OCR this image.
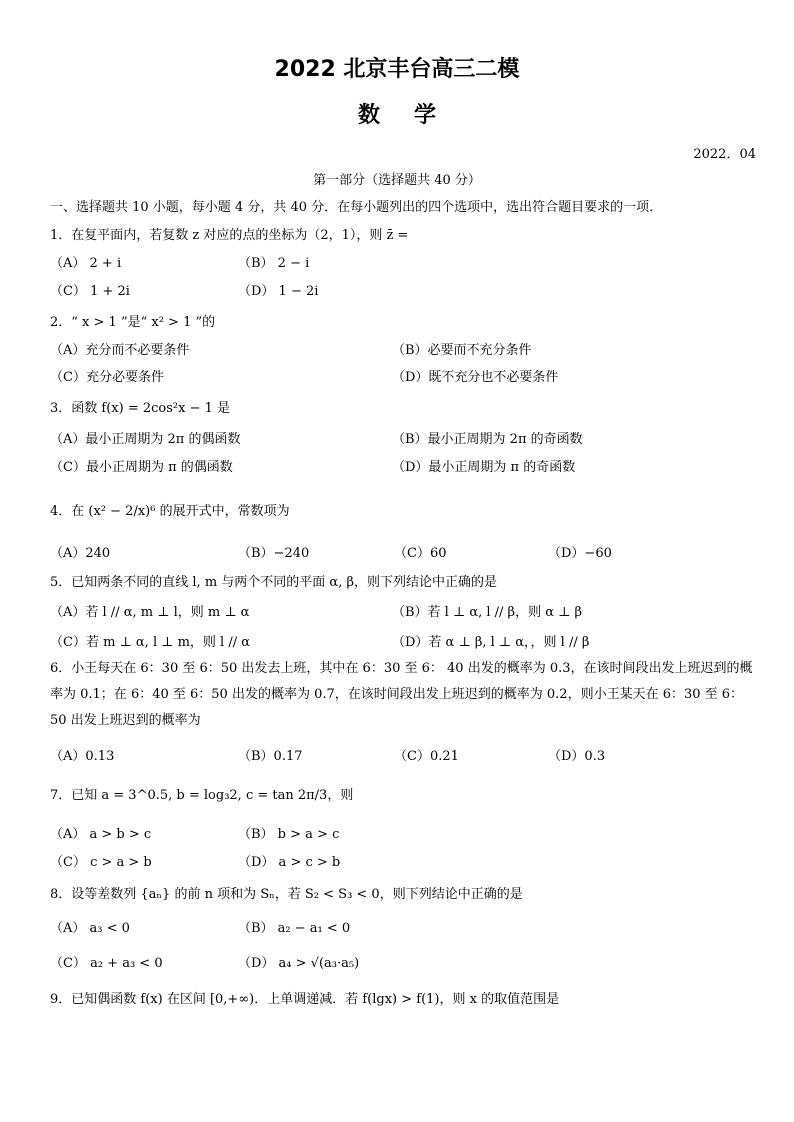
2022 北京丰台高三二模
数学
2022．04
第一部分（选择题共 40 分）
一、选择题共 10 小题，每小题 4 分，共 40 分．在每小题列出的四个选项中，选出符合题目要求的一项．
1．在复平面内，若复数 z 对应的点的坐标为（2，1），则 z̄ =
（A） 2 + i	（B） 2 − i
（C） 1 + 2i	（D） 1 − 2i
2．“ x > 1 ”是“ x² > 1 ”的
（A）充分而不必要条件	（B）必要而不充分条件
（C）充分必要条件	（D）既不充分也不必要条件
3．函数 f(x) = 2cos²x − 1 是
（A）最小正周期为 2π 的偶函数	（B）最小正周期为 2π 的奇函数
（C）最小正周期为 π 的偶函数	（D）最小正周期为 π 的奇函数
4．在 (x² − 2/x)⁶ 的展开式中，常数项为
（A）240	（B）−240	（C）60	（D）−60
5．已知两条不同的直线 l, m 与两个不同的平面 α, β，则下列结论中正确的是
（A）若 l // α, m ⊥ l，则 m ⊥ α	（B）若 l ⊥ α, l // β，则 α ⊥ β
（C）若 m ⊥ α, l ⊥ m，则 l // α	（D）若 α ⊥ β, l ⊥ α，，则 l // β
6．小王每天在 6：30 至 6：50 出发去上班，其中在 6：30 至 6： 40 出发的概率为 0.3，在该时间段出发上班迟到的概率为 0.1；在 6：40 至 6：50 出发的概率为 0.7，在该时间段出发上班迟到的概率为 0.2，则小王某天在 6：30 至 6：50 出发上班迟到的概率为
（A）0.13	（B）0.17	（C）0.21	（D）0.3
7．已知 a = 3^0.5, b = log₃2, c = tan 2π/3，则
（A） a > b > c	（B） b > a > c
（C） c > a > b	（D） a > c > b
8．设等差数列 {aₙ} 的前 n 项和为 Sₙ，若 S₂ < S₃ < 0，则下列结论中正确的是
（A） a₃ < 0	（B） a₂ − a₁ < 0
（C） a₂ + a₃ < 0	（D） a₄ > √(a₃·a₅)
9．已知偶函数 f(x) 在区间 [0,+∞)．上单调递减．若 f(lgx) > f(1)，则 x 的取值范围是
